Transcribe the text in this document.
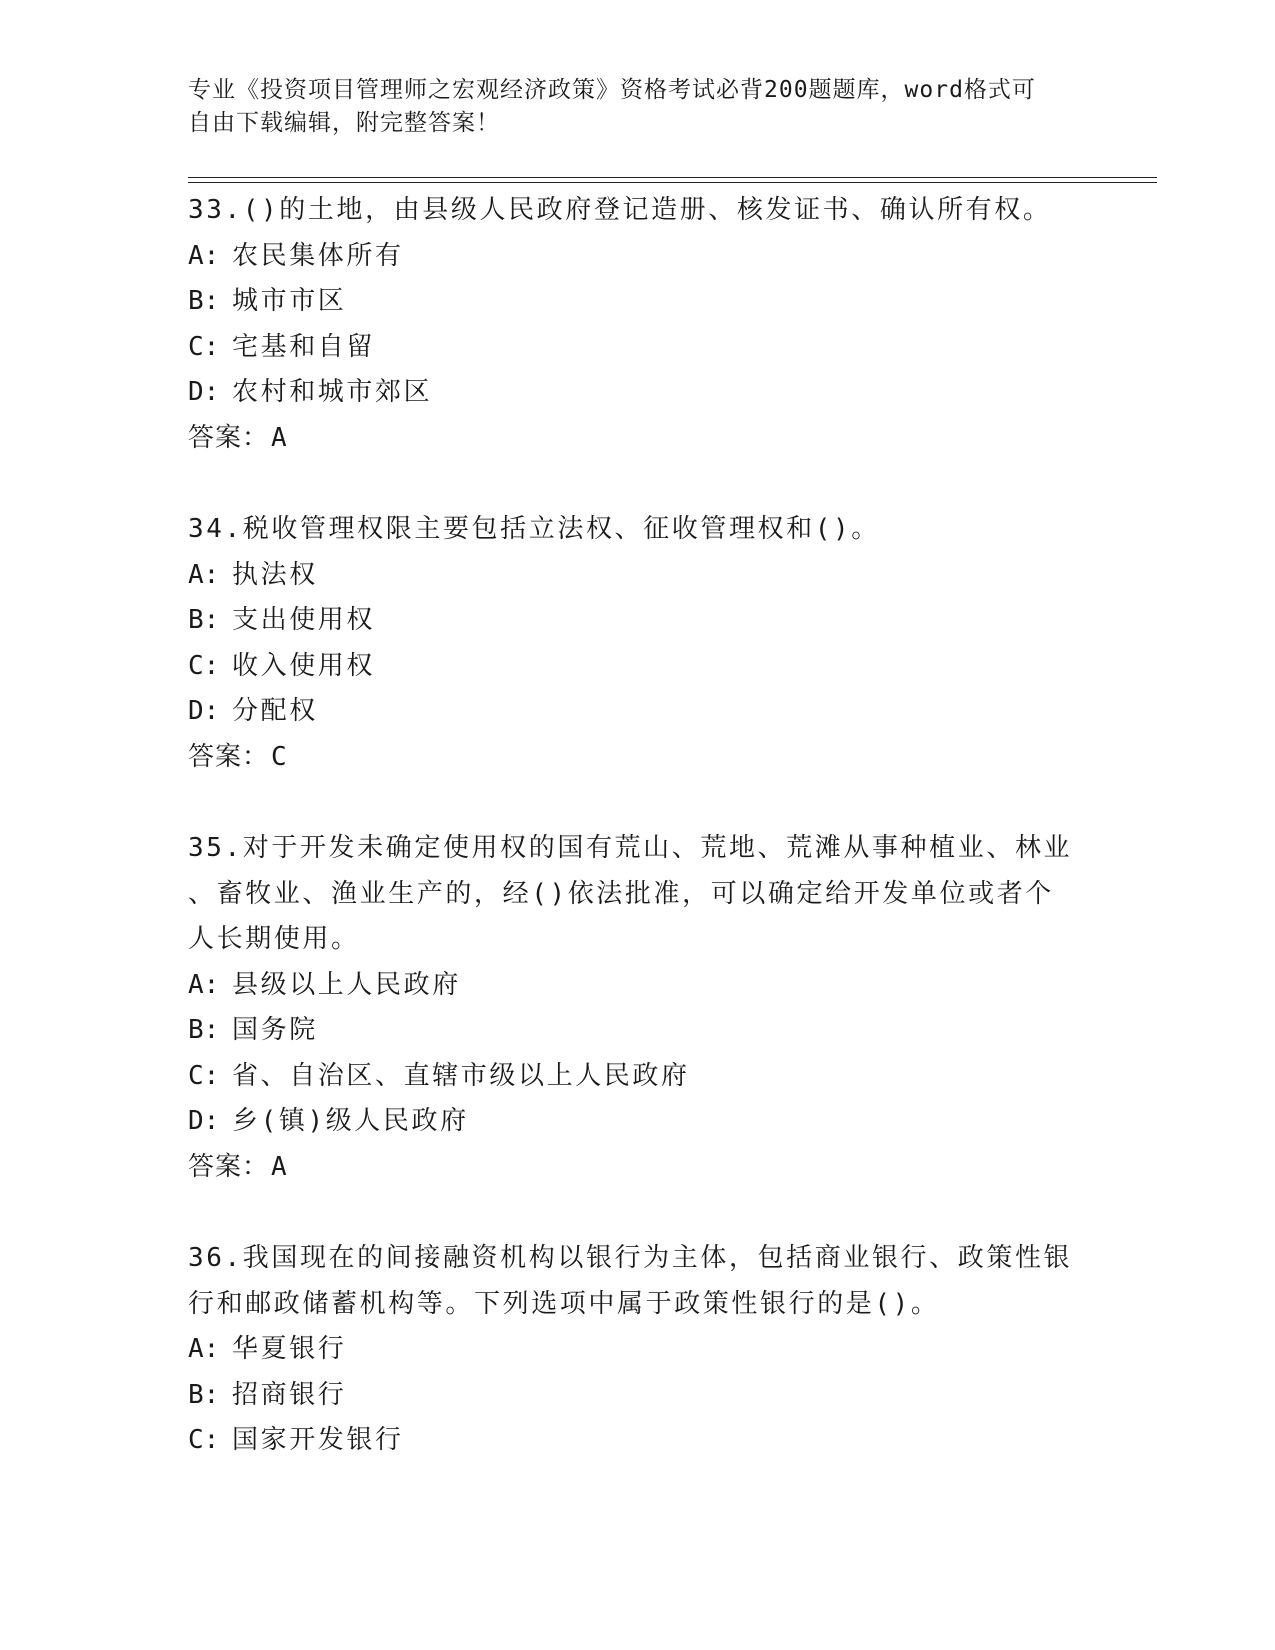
专业《投资项目管理师之宏观经济政策》资格考试必背200题题库，word格式可
自由下载编辑，附完整答案！
33.()的土地，由县级人民政府登记造册、核发证书、确认所有权。
A: 农民集体所有
B: 城市市区
C: 宅基和自留
D: 农村和城市郊区
答案：A
34.税收管理权限主要包括立法权、征收管理权和()。
A: 执法权
B: 支出使用权
C: 收入使用权
D: 分配权
答案：C
35.对于开发未确定使用权的国有荒山、荒地、荒滩从事种植业、林业
、畜牧业、渔业生产的，经()依法批准，可以确定给开发单位或者个
人长期使用。
A: 县级以上人民政府
B: 国务院
C: 省、自治区、直辖市级以上人民政府
D: 乡(镇)级人民政府
答案：A
36.我国现在的间接融资机构以银行为主体，包括商业银行、政策性银
行和邮政储蓄机构等。下列选项中属于政策性银行的是()。
A: 华夏银行
B: 招商银行
C: 国家开发银行
